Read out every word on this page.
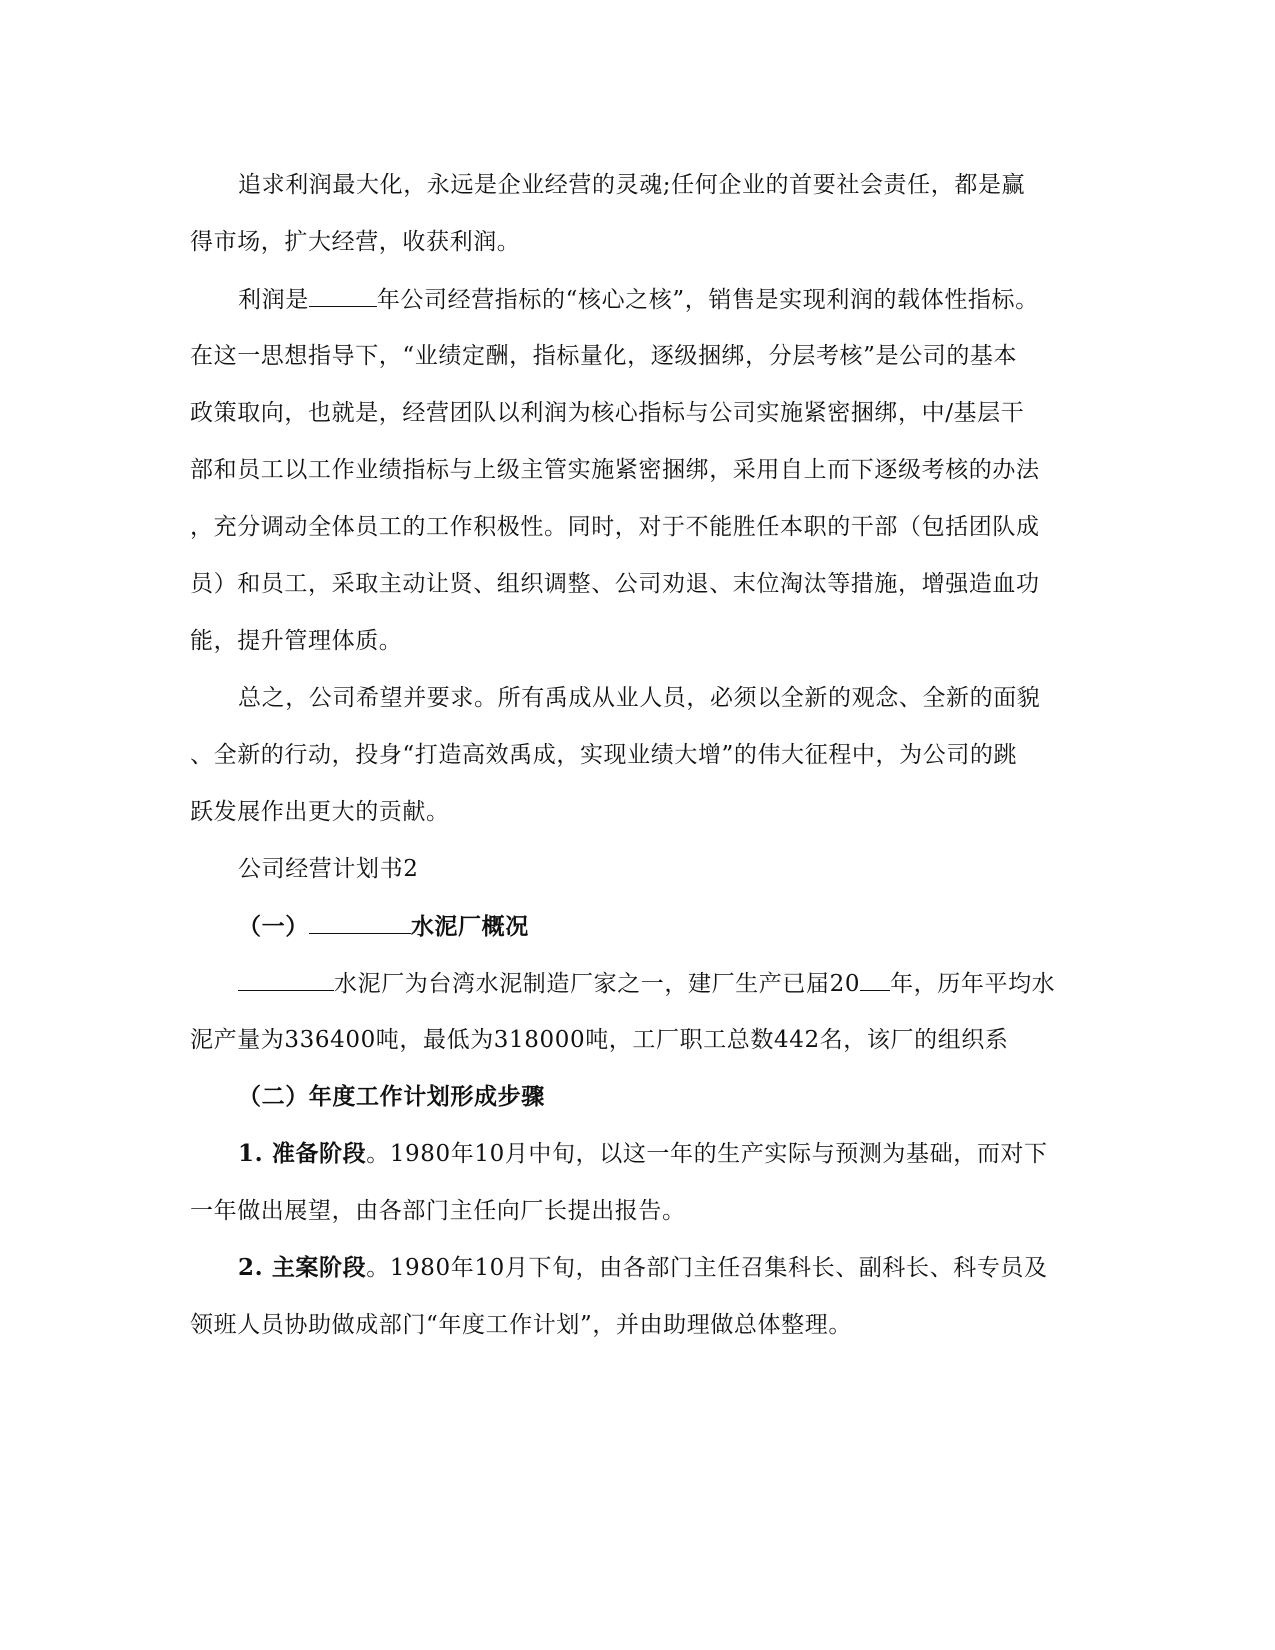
追求利润最大化，永远是企业经营的灵魂;任何企业的首要社会责任，都是赢
得市场，扩大经营，收获利润。
利润是	年公司经营指标的“核心之核”，销售是实现利润的载体性指标。
在这一思想指导下，“业绩定酬，指标量化，逐级捆绑，分层考核”是公司的基本
政策取向，也就是，经营团队以利润为核心指标与公司实施紧密捆绑，中/基层干
部和员工以工作业绩指标与上级主管实施紧密捆绑，采用自上而下逐级考核的办法
，充分调动全体员工的工作积极性。同时，对于不能胜任本职的干部（包括团队成
员）和员工，采取主动让贤、组织调整、公司劝退、末位淘汰等措施，增强造血功
能，提升管理体质。
总之，公司希望并要求。所有禹成从业人员，必须以全新的观念、全新的面貌
、全新的行动，投身“打造高效禹成，实现业绩大增”的伟大征程中，为公司的跳
跃发展作出更大的贡献。
公司经营计划书2
（一）	水泥厂概况
水泥厂为台湾水泥制造厂家之一，建厂生产已届20 年，历年平均水
泥产量为336400吨，最低为318000吨，工厂职工总数442名，该厂的组织系
（二）年度工作计划形成步骤
1. 准备阶段。1980年10月中旬，以这一年的生产实际与预测为基础，而对下
一年做出展望，由各部门主任向厂长提出报告。
2. 主案阶段。1980年10月下旬，由各部门主任召集科长、副科长、科专员及
领班人员协助做成部门“年度工作计划”，并由助理做总体整理。
